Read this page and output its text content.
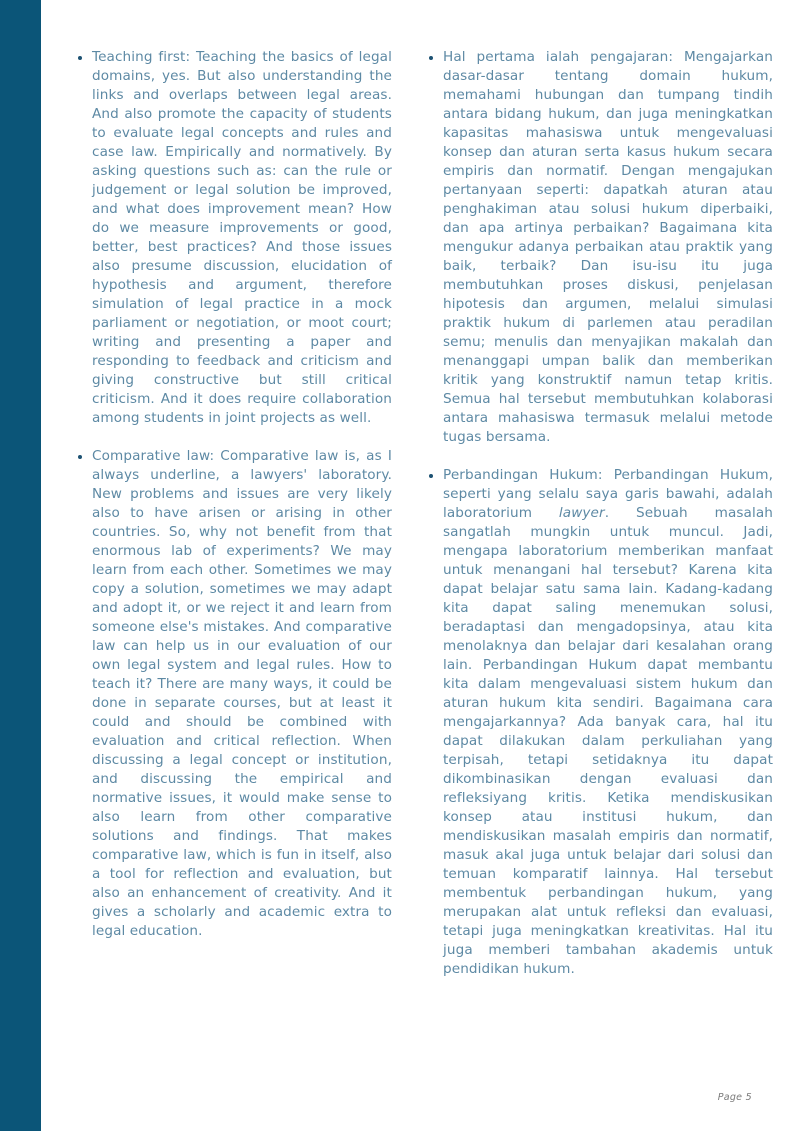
• Teaching first: Teaching the basics of legal domains, yes. But also understanding the links and overlaps between legal areas. And also promote the capacity of students to evaluate legal concepts and rules and case law. Empirically and normatively. By asking questions such as: can the rule or judgement or legal solution be improved, and what does improvement mean? How do we measure improvements or good, better, best practices? And those issues also presume discussion, elucidation of hypothesis and argument, therefore simulation of legal practice in a mock parliament or negotiation, or moot court; writing and presenting a paper and responding to feedback and criticism and giving constructive but still critical criticism. And it does require collaboration among students in joint projects as well.
• Comparative law: Comparative law is, as I always underline, a lawyers' laboratory. New problems and issues are very likely also to have arisen or arising in other countries. So, why not benefit from that enormous lab of experiments? We may learn from each other. Sometimes we may copy a solution, sometimes we may adapt and adopt it, or we reject it and learn from someone else's mistakes. And comparative law can help us in our evaluation of our own legal system and legal rules. How to teach it? There are many ways, it could be done in separate courses, but at least it could and should be combined with evaluation and critical reflection. When discussing a legal concept or institution, and discussing the empirical and normative issues, it would make sense to also learn from other comparative solutions and findings. That makes comparative law, which is fun in itself, also a tool for reflection and evaluation, but also an enhancement of creativity. And it gives a scholarly and academic extra to legal education.
• Hal pertama ialah pengajaran: Mengajarkan dasar-dasar tentang domain hukum, memahami hubungan dan tumpang tindih antara bidang hukum, dan juga meningkatkan kapasitas mahasiswa untuk mengevaluasi konsep dan aturan serta kasus hukum secara empiris dan normatif. Dengan mengajukan pertanyaan seperti: dapatkah aturan atau penghakiman atau solusi hukum diperbaiki, dan apa artinya perbaikan? Bagaimana kita mengukur adanya perbaikan atau praktik yang baik, terbaik? Dan isu-isu itu juga membutuhkan proses diskusi, penjelasan hipotesis dan argumen, melalui simulasi praktik hukum di parlemen atau peradilan semu; menulis dan menyajikan makalah dan menanggapi umpan balik dan memberikan kritik yang konstruktif namun tetap kritis. Semua hal tersebut membutuhkan kolaborasi antara mahasiswa termasuk melalui metode tugas bersama.
• Perbandingan Hukum: Perbandingan Hukum, seperti yang selalu saya garis bawahi, adalah laboratorium lawyer. Sebuah masalah sangatlah mungkin untuk muncul. Jadi, mengapa laboratorium memberikan manfaat untuk menangani hal tersebut? Karena kita dapat belajar satu sama lain. Kadang-kadang kita dapat saling menemukan solusi, beradaptasi dan mengadopsinya, atau kita menolaknya dan belajar dari kesalahan orang lain. Perbandingan Hukum dapat membantu kita dalam mengevaluasi sistem hukum dan aturan hukum kita sendiri. Bagaimana cara mengajarkannya? Ada banyak cara, hal itu dapat dilakukan dalam perkuliahan yang terpisah, tetapi setidaknya itu dapat dikombinasikan dengan evaluasi dan refleksiyang kritis. Ketika mendiskusikan konsep atau institusi hukum, dan mendiskusikan masalah empiris dan normatif, masuk akal juga untuk belajar dari solusi dan temuan komparatif lainnya. Hal tersebut membentuk perbandingan hukum, yang merupakan alat untuk refleksi dan evaluasi, tetapi juga meningkatkan kreativitas. Hal itu juga memberi tambahan akademis untuk pendidikan hukum.
Page 5
